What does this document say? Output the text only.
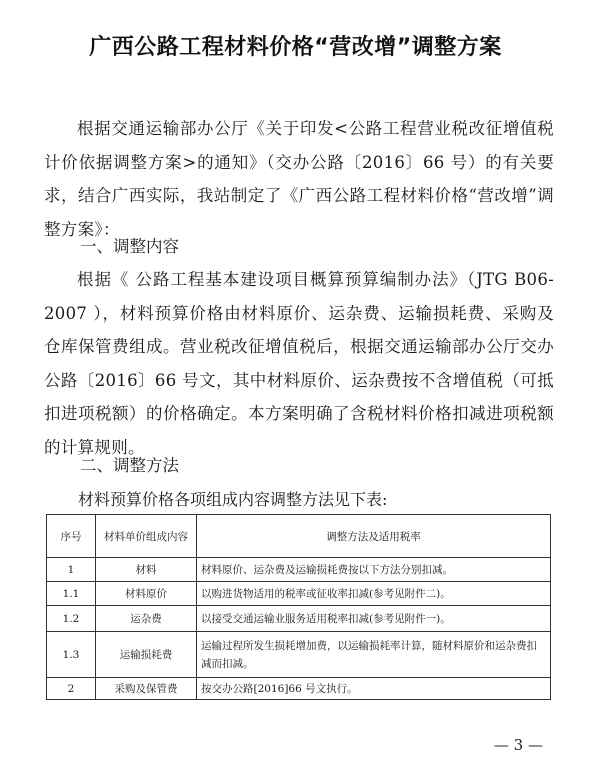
广西公路工程材料价格“营改增”调整方案
根据交通运输部办公厅《关于印发<公路工程营业税改征增值税计价依据调整方案>的通知》（交办公路〔2016〕66 号）的有关要求，结合广西实际，我站制定了《广西公路工程材料价格“营改增”调整方案》：
一、调整内容
根据《 公路工程基本建设项目概算预算编制办法》（JTG B06-2007 ），材料预算价格由材料原价、运杂费、运输损耗费、采购及仓库保管费组成。营业税改征增值税后，根据交通运输部办公厅交办公路〔2016〕66 号文，其中材料原价、运杂费按不含增值税（可抵扣进项税额）的价格确定。本方案明确了含税材料价格扣减进项税额的计算规则。
二、调整方法
材料预算价格各项组成内容调整方法见下表:
序号	材料单价组成内容	调整方法及适用税率
1	材料	材料原价、运杂费及运输损耗费按以下方法分别扣减。
1.1	材料原价	以购进货物适用的税率或征收率扣减(参考见附件二)。
1.2	运杂费	以接受交通运输业服务适用税率扣减(参考见附件一)。
1.3	运输损耗费	运输过程所发生损耗增加费，以运输损耗率计算，随材料原价和运杂费扣减而扣减。
2	采购及保管费	按交办公路[2016]66 号文执行。
— 3 —
